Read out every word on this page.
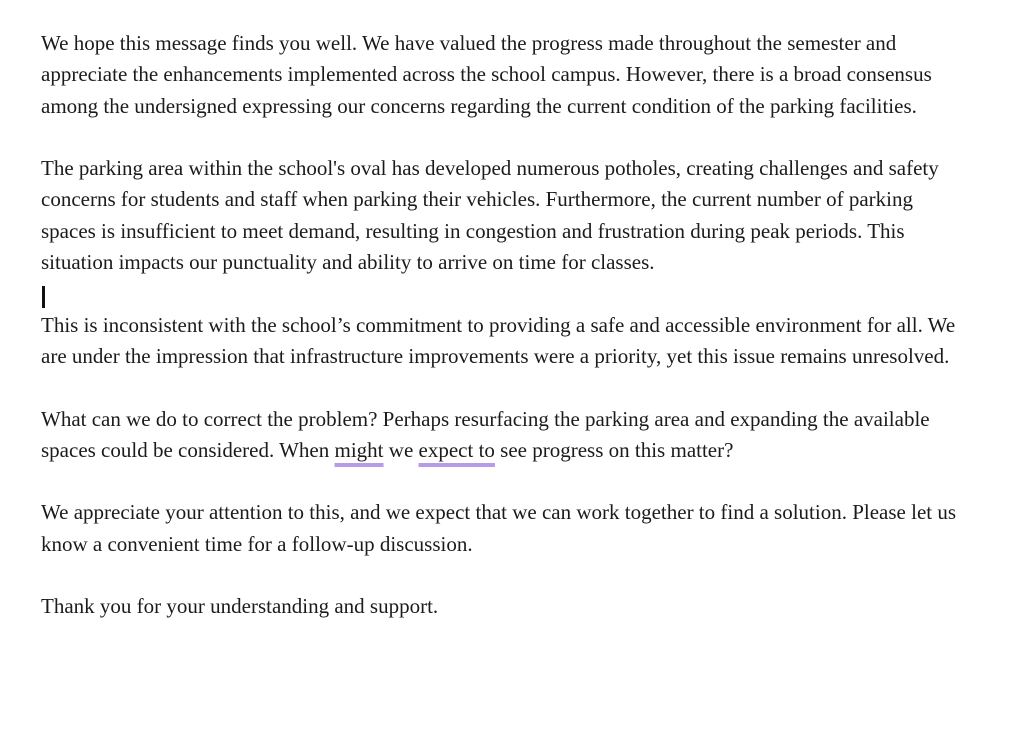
We hope this message finds you well. We have valued the progress made throughout the semester and appreciate the enhancements implemented across the school campus. However, there is a broad consensus among the undersigned expressing our concerns regarding the current condition of the parking facilities.

The parking area within the school's oval has developed numerous potholes, creating challenges and safety concerns for students and staff when parking their vehicles. Furthermore, the current number of parking spaces is insufficient to meet demand, resulting in congestion and frustration during peak periods. This situation impacts our punctuality and ability to arrive on time for classes.

This is inconsistent with the school’s commitment to providing a safe and accessible environment for all. We are under the impression that infrastructure improvements were a priority, yet this issue remains unresolved.

What can we do to correct the problem? Perhaps resurfacing the parking area and expanding the available spaces could be considered. When might we expect to see progress on this matter?

We appreciate your attention to this, and we expect that we can work together to find a solution. Please let us know a convenient time for a follow-up discussion.

Thank you for your understanding and support.
